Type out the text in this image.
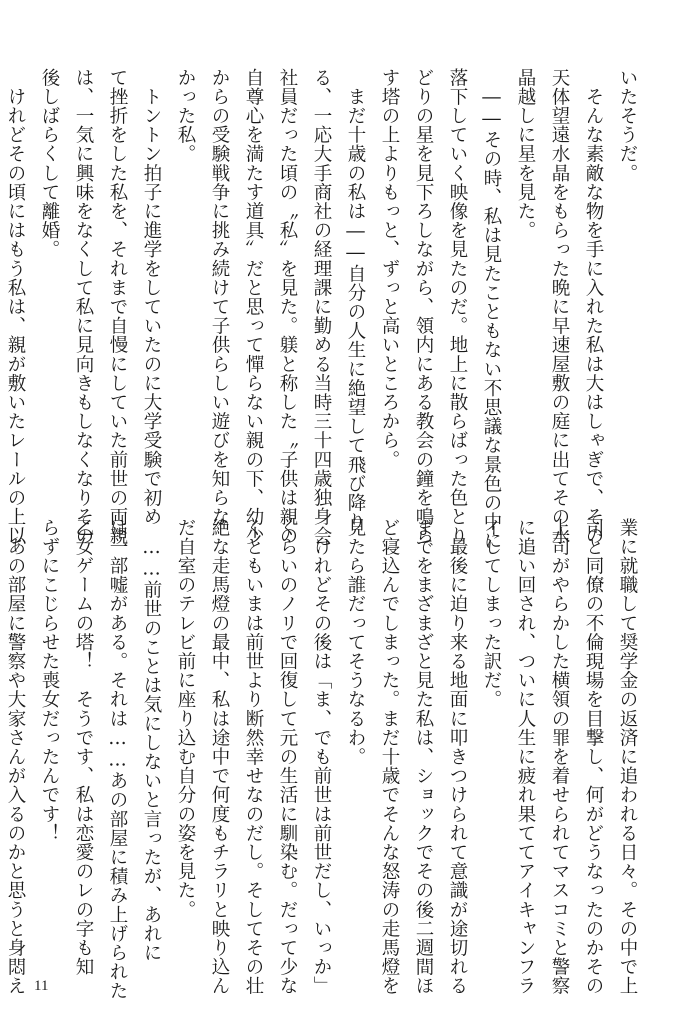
いたそうだ。

　そんな素敵な物を手に入れた私は大はしゃぎで、その

天体望遠水晶をもらった晩に早速屋敷の庭に出てその水

晶越しに星を見た。

　――その時、私は見たこともない不思議な景色の中に

落下していく映像を見たのだ。地上に散らばった色とり

どりの星を見下ろしながら、領内にある教会の鐘を鳴ら

す塔の上よりもっと、ずっと高いところから。

　まだ十歳の私は――自分の人生に絶望して飛び降り

る、一応大手商社の経理課に勤める当時三十四歳独身会

社員だった頃の〝私〟を見た。躾と称した〝子供は親の

自尊心を満たす道具〟だと思って憚らない親の下、幼少

からの受験戦争に挑み続けて子供らしい遊びを知らな

かった私。

　トントン拍子に進学をしていたのに大学受験で初め

て挫折をした私を、それまで自慢にしていた前世の両親

は、一気に興味をなくして私に見向きもしなくなりその

後しばらくして離婚。

　けれどその頃にはもう私は、親が敷いたレールの上以

業に就職して奨学金の返済に追われる日々。その中で上

司と同僚の不倫現場を目撃し、何がどうなったのかその

上司がやらかした横領の罪を着せられてマスコミと警察

に追い回され、ついに人生に疲れ果ててアイキャンフラ

イしてしまった訳だ。

　最後に迫り来る地面に叩きつけられて意識が途切れる

までをまざまざと見た私は、ショックでその後二週間ほ

ど寝込んでしまった。まだ十歳でそんな怒涛の走馬燈を

見たら誰だってそうなるわ。

　けれどその後は「ま、でも前世は前世だし、いっか」

くらいのノリで回復して元の生活に馴染む。だって少な

くともいまは前世より断然幸せなのだし。そしてその壮

絶な走馬燈の最中、私は途中で何度もチラリと映り込ん

だ自室のテレビ前に座り込む自分の姿を見た。

　……前世のことは気にしないと言ったが、あれに

は一部嘘がある。それは……あの部屋に積み上げられた

乙女ゲームの塔！　そうです、私は恋愛のレの字も知

らずにこじらせた喪女だったんです！

　あの部屋に警察や大家さんが入るのかと思うと身悶え 11
